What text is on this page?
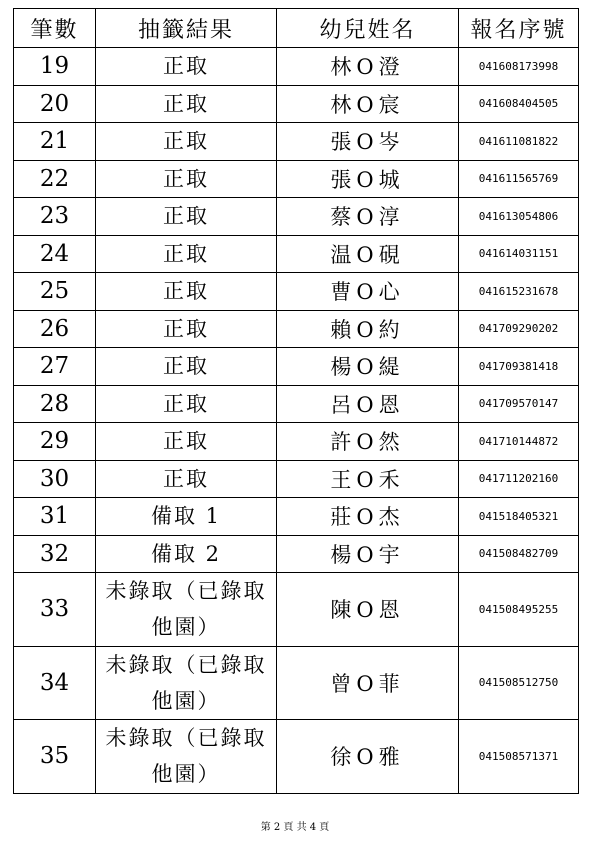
筆數	抽籤結果	幼兒姓名	報名序號
19	正取	林O澄	041608173998
20	正取	林O宸	041608404505
21	正取	張O岑	041611081822
22	正取	張O城	041611565769
23	正取	蔡O淳	041613054806
24	正取	温O硯	041614031151
25	正取	曹O心	041615231678
26	正取	賴O約	041709290202
27	正取	楊O緹	041709381418
28	正取	呂O恩	041709570147
29	正取	許O然	041710144872
30	正取	王O禾	041711202160
31	備取 1	莊O杰	041518405321
32	備取 2	楊O宇	041508482709
33	未錄取（已錄取他園）	陳O恩	041508495255
34	未錄取（已錄取他園）	曾O菲	041508512750
35	未錄取（已錄取他園）	徐O雅	041508571371
第 2 頁 共 4 頁
